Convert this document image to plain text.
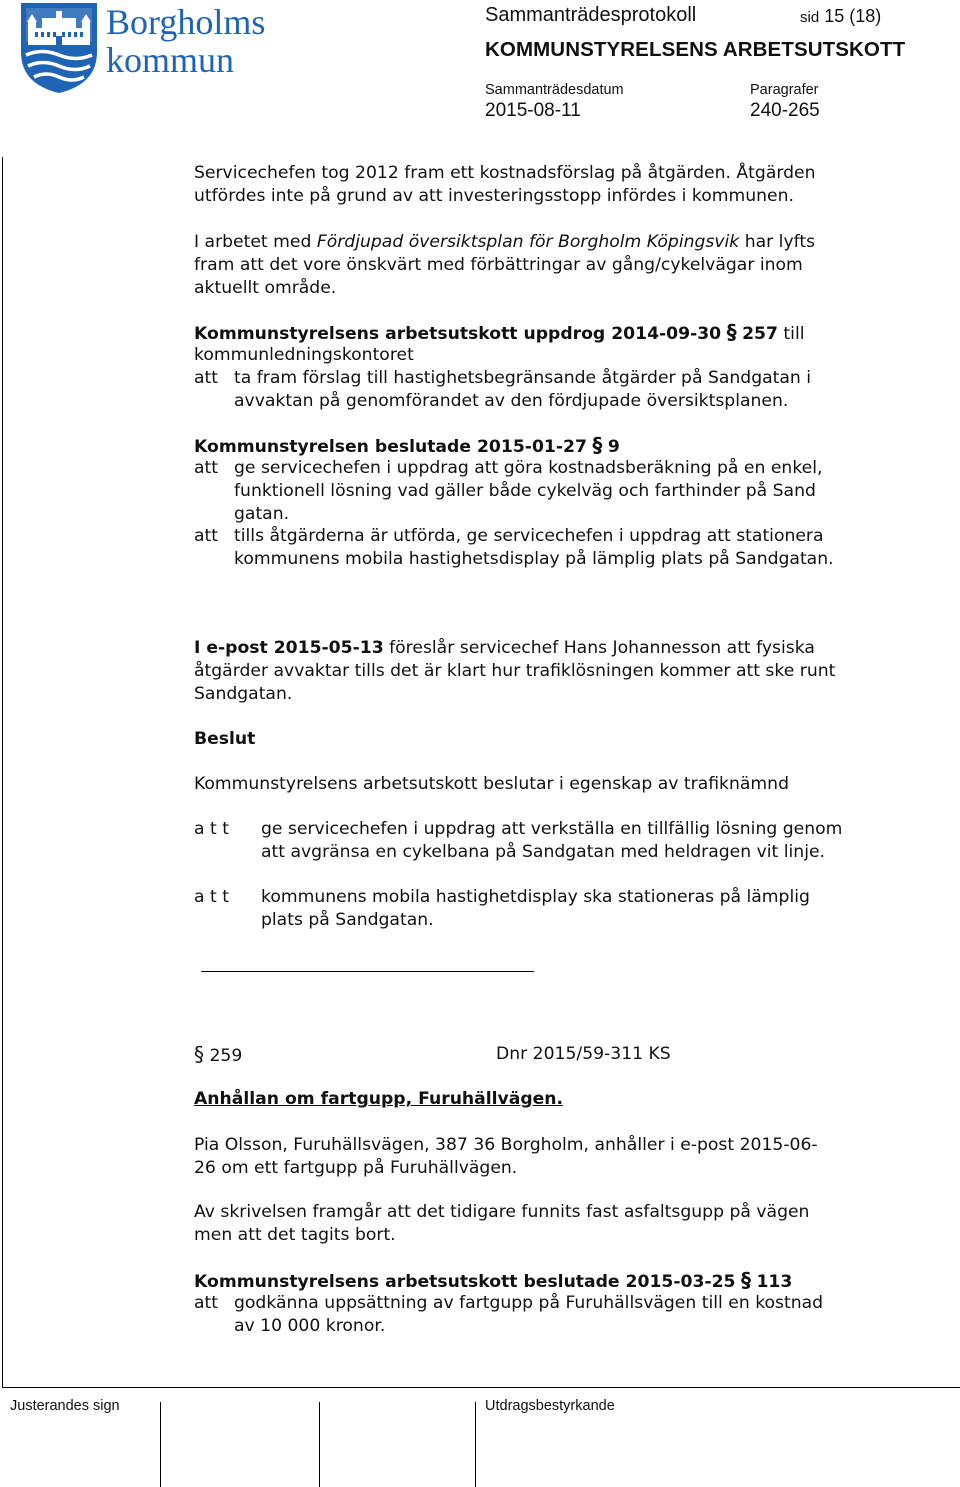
Borgholms
kommun
Sammanträdesprotokoll	sid 15 (18)
KOMMUNSTYRELSENS ARBETSUTSKOTT
Sammanträdesdatum	Paragrafer
2015-08-11	240-265
Servicechefen tog 2012 fram ett kostnadsförslag på åtgärden. Åtgärden
utfördes inte på grund av att investeringsstopp infördes i kommunen.
I arbetet med Fördjupad översiktsplan för Borgholm Köpingsvik har lyfts
fram att det vore önskvärt med förbättringar av gång/cykelvägar inom
aktuellt område.
Kommunstyrelsens arbetsutskott uppdrog 2014-09-30 § 257 till
kommunledningskontoret
att ta fram förslag till hastighetsbegränsande åtgärder på Sandgatan i
avvaktan på genomförandet av den fördjupade översiktsplanen.
Kommunstyrelsen beslutade 2015-01-27 § 9
att ge servicechefen i uppdrag att göra kostnadsberäkning på en enkel,
funktionell lösning vad gäller både cykelväg och farthinder på Sand
gatan.
att tills åtgärderna är utförda, ge servicechefen i uppdrag att stationera
kommunens mobila hastighetsdisplay på lämplig plats på Sandgatan.
I e-post 2015-05-13 föreslår servicechef Hans Johannesson att fysiska
åtgärder avvaktar tills det är klart hur trafiklösningen kommer att ske runt
Sandgatan.
Beslut
Kommunstyrelsens arbetsutskott beslutar i egenskap av trafiknämnd
a t t ge servicechefen i uppdrag att verkställa en tillfällig lösning genom
att avgränsa en cykelbana på Sandgatan med heldragen vit linje.
a t t kommunens mobila hastighetdisplay ska stationeras på lämplig
plats på Sandgatan.
§ 259	Dnr 2015/59-311 KS
Anhållan om fartgupp, Furuhällvägen.
Pia Olsson, Furuhällsvägen, 387 36 Borgholm, anhåller i e-post 2015-06-
26 om ett fartgupp på Furuhällvägen.
Av skrivelsen framgår att det tidigare funnits fast asfaltsgupp på vägen
men att det tagits bort.
Kommunstyrelsens arbetsutskott beslutade 2015-03-25 § 113
att godkänna uppsättning av fartgupp på Furuhällsvägen till en kostnad
av 10 000 kronor.
Justerandes sign	Utdragsbestyrkande
